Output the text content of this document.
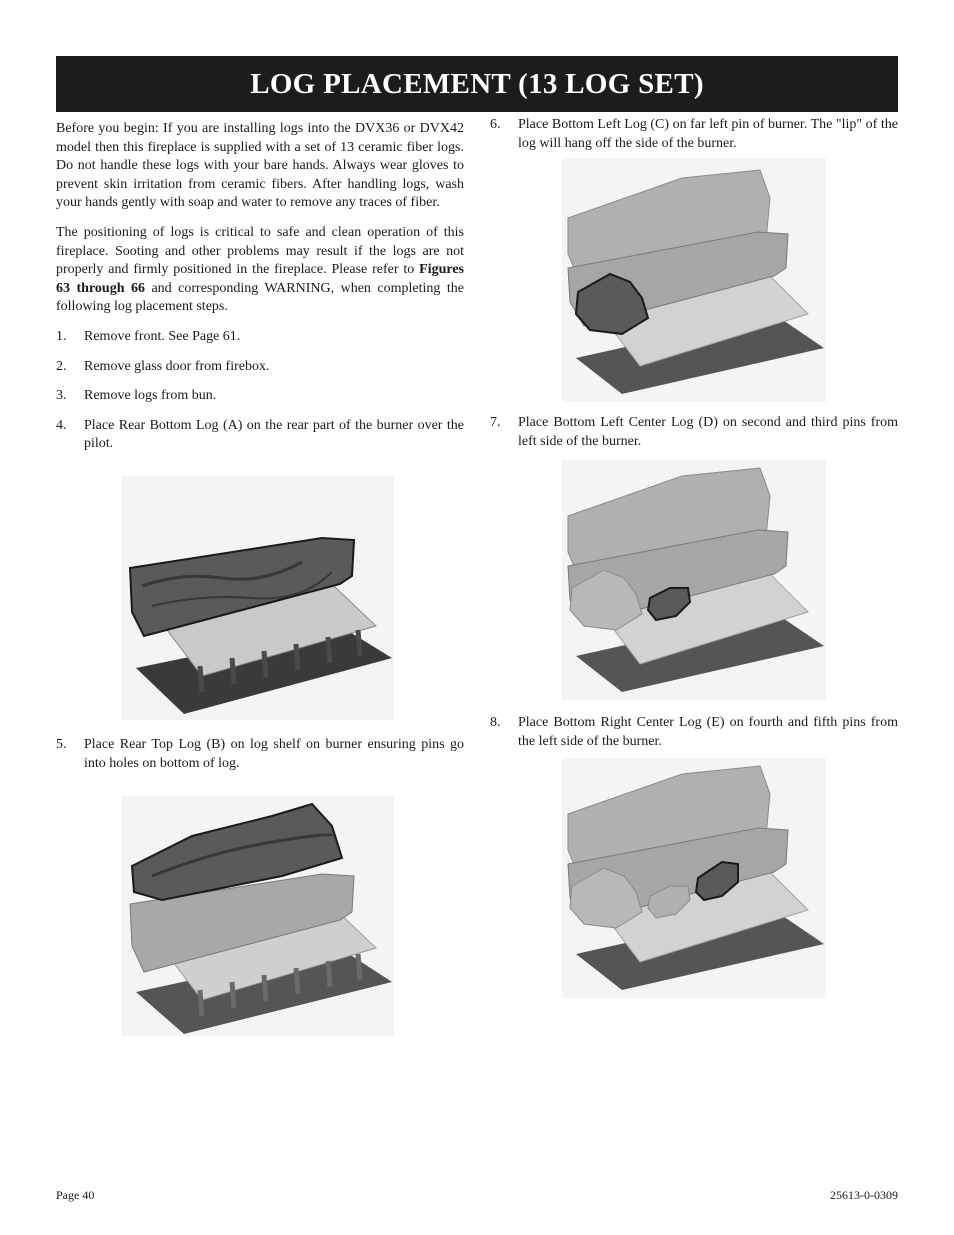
LOG PLACEMENT (13 LOG SET)

Before you begin: If you are installing logs into the DVX36 or DVX42 model then this fireplace is supplied with a set of 13 ceramic fiber logs. Do not handle these logs with your bare hands. Always wear gloves to prevent skin irritation from ceramic fibers. After handling logs, wash your hands gently with soap and water to remove any traces of fiber.

The positioning of logs is critical to safe and clean operation of this fireplace. Sooting and other problems may result if the logs are not properly and firmly positioned in the fireplace. Please refer to Figures 63 through 66 and corresponding WARNING, when completing the following log placement steps.

1.	Remove front. See Page 61.
2.	Remove glass door from firebox.
3.	Remove logs from bun.
4.	Place Rear Bottom Log (A) on the rear part of the burner over the pilot.
5.	Place Rear Top Log (B) on log shelf on burner ensuring pins go into holes on bottom of log.
6.	Place Bottom Left Log (C) on far left pin of burner. The "lip" of the log will hang off the side of the burner.
7.	Place Bottom Left Center Log (D) on second and third pins from left side of the burner.
8.	Place Bottom Right Center Log (E) on fourth and fifth pins from the left side of the burner.
Page 40	25613-0-0309
